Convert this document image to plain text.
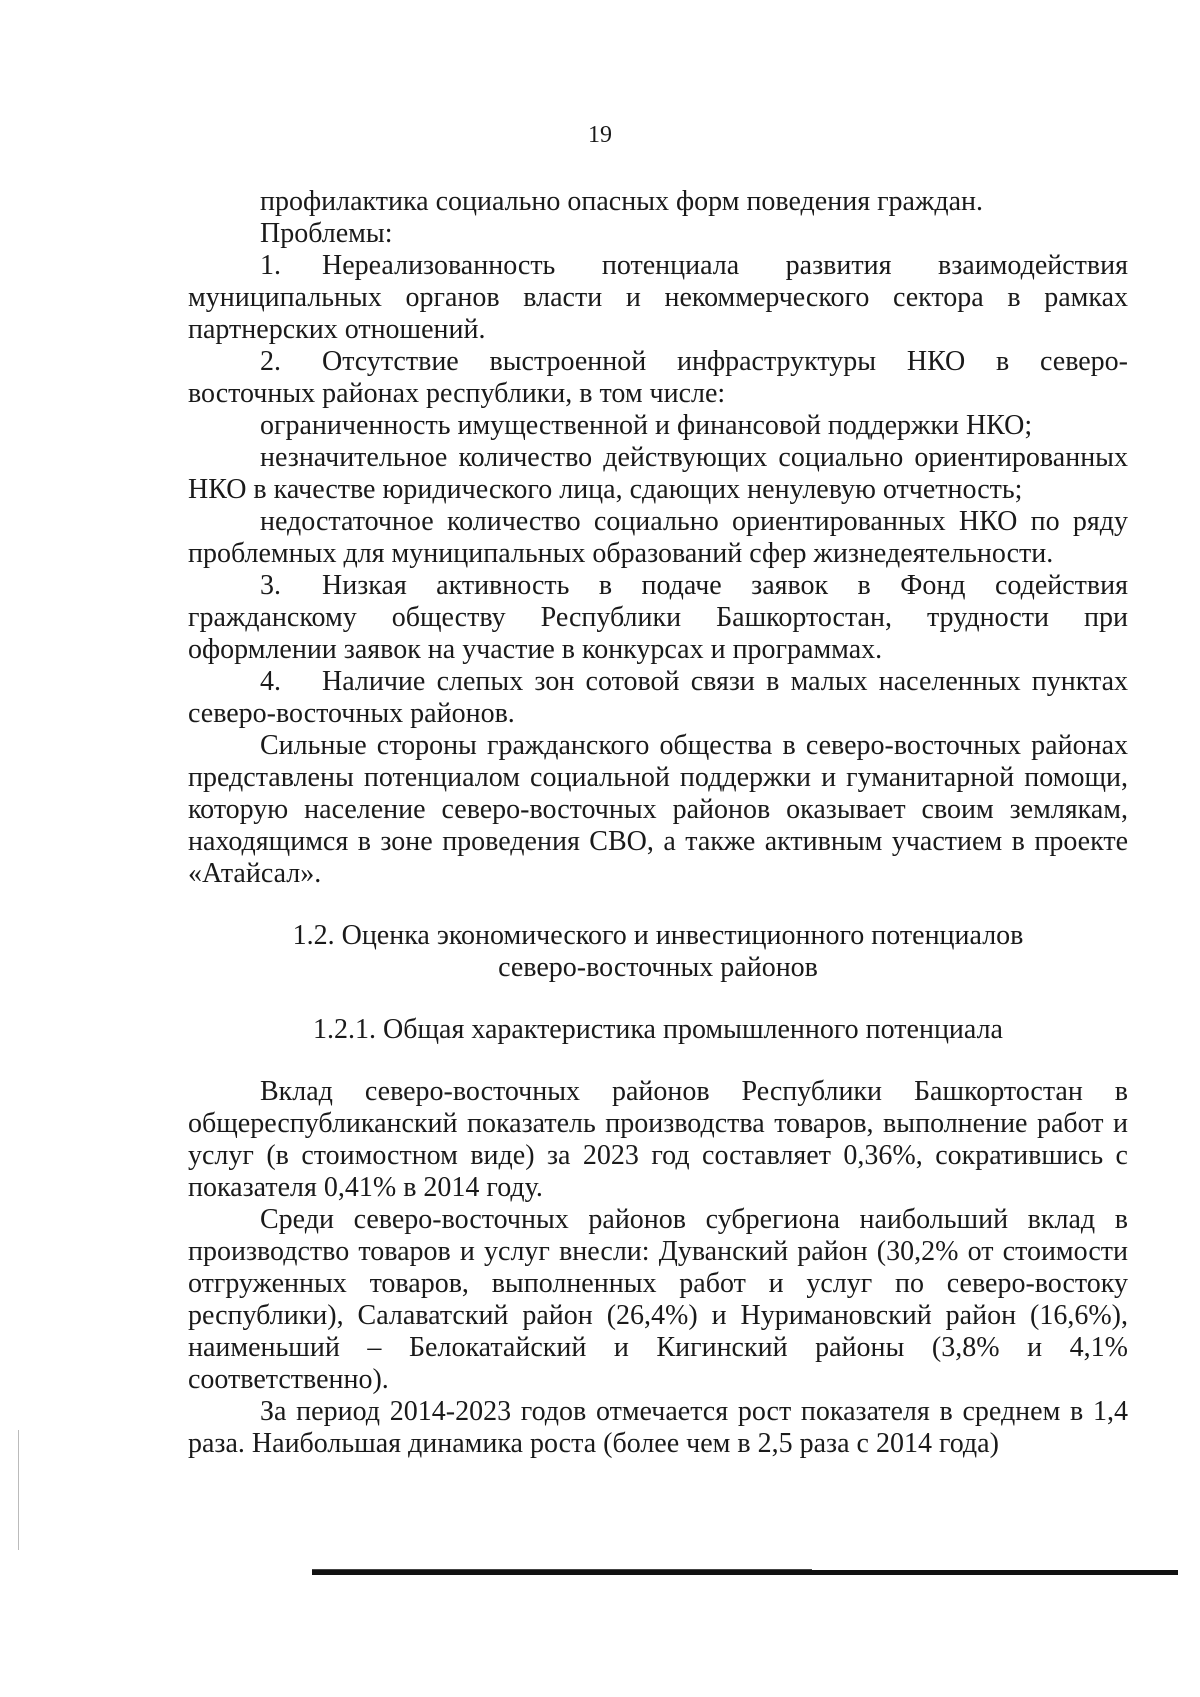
19

профилактика социально опасных форм поведения граждан.

Проблемы:

1. Нереализованность потенциала развития взаимодействия муниципальных органов власти и некоммерческого сектора в рамках партнерских отношений.

2. Отсутствие выстроенной инфраструктуры НКО в северо-восточных районах республики, в том числе:

ограниченность имущественной и финансовой поддержки НКО;

незначительное количество действующих социально ориентированных НКО в качестве юридического лица, сдающих ненулевую отчетность;

недостаточное количество социально ориентированных НКО по ряду проблемных для муниципальных образований сфер жизнедеятельности.

3. Низкая активность в подаче заявок в Фонд содействия гражданскому обществу Республики Башкортостан, трудности при оформлении заявок на участие в конкурсах и программах.

4. Наличие слепых зон сотовой связи в малых населенных пунктах северо-восточных районов.

Сильные стороны гражданского общества в северо-восточных районах представлены потенциалом социальной поддержки и гуманитарной помощи, которую население северо-восточных районов оказывает своим землякам, находящимся в зоне проведения СВО, а также активным участием в проекте «Атайсал».

1.2. Оценка экономического и инвестиционного потенциалов
северо-восточных районов

1.2.1. Общая характеристика промышленного потенциала

Вклад северо-восточных районов Республики Башкортостан в общереспубликанский показатель производства товаров, выполнение работ и услуг (в стоимостном виде) за 2023 год составляет 0,36%, сократившись с показателя 0,41% в 2014 году.

Среди северо-восточных районов субрегиона наибольший вклад в производство товаров и услуг внесли: Дуванский район (30,2% от стоимости отгруженных товаров, выполненных работ и услуг по северо-востоку республики), Салаватский район (26,4%) и Нуримановский район (16,6%), наименьший – Белокатайский и Кигинский районы (3,8% и 4,1% соответственно).

За период 2014-2023 годов отмечается рост показателя в среднем в 1,4 раза. Наибольшая динамика роста (более чем в 2,5 раза с 2014 года)
